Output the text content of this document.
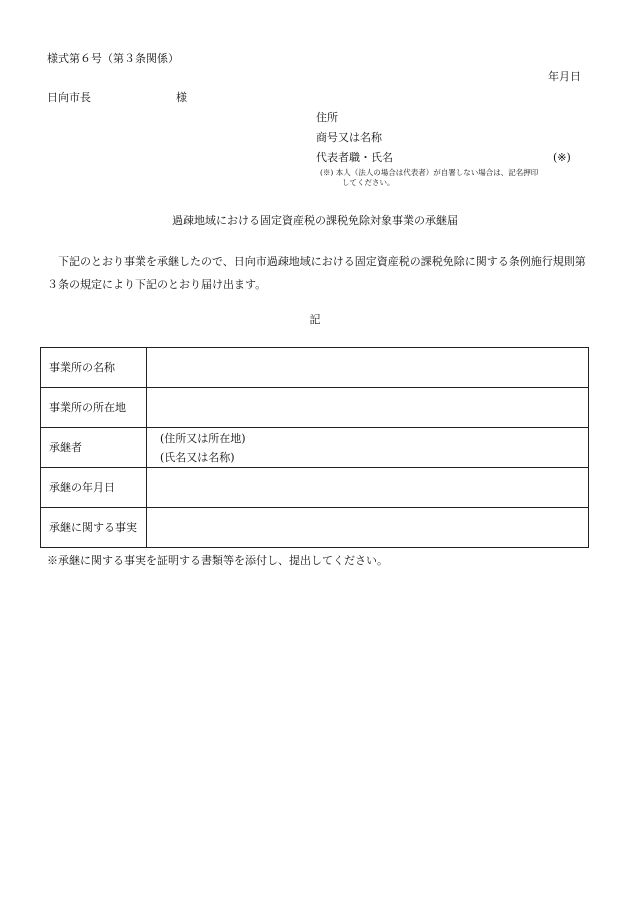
様式第６号（第３条関係）
年月日
日向市長	様
住所
商号又は名称
代表者職・氏名	(※)
(※) 本人（法人の場合は代表者）が自署しない場合は、記名押印
してください。
過疎地域における固定資産税の課税免除対象事業の承継届
下記のとおり事業を承継したので、日向市過疎地域における固定資産税の課税免除に関する条例施行規則第３条の規定により下記のとおり届け出ます。
記
事業所の名称	
事業所の所在地	
承継者	(住所又は所在地)
(氏名又は名称)

承継の年月日	
承継に関する事実	
※承継に関する事実を証明する書類等を添付し、提出してください。
